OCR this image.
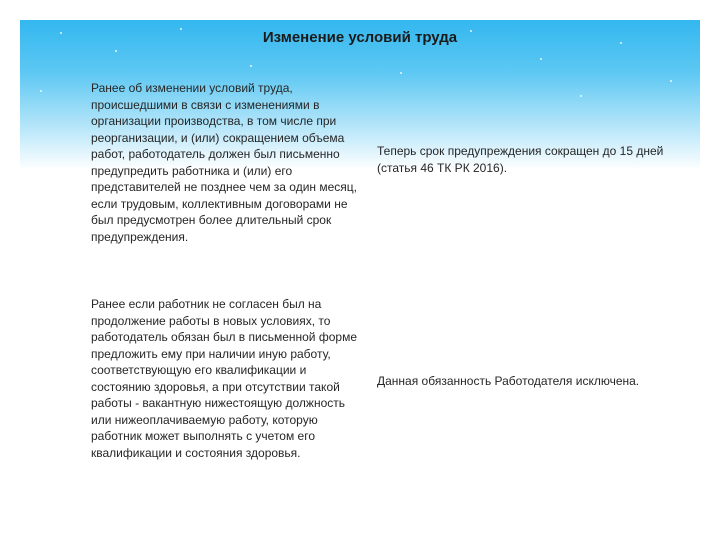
Изменение условий труда

Ранее об изменении условий труда, происшедшими в связи с изменениями в организации производства, в том числе при реорганизации, и (или) сокращением объема работ, работодатель должен был письменно предупредить работника и (или) его представителей не позднее чем за один месяц, если трудовым, коллективным договорами не был предусмотрен более длительный срок предупреждения.

Теперь срок предупреждения сокращен до 15 дней (статья 46 ТК РК 2016).

Ранее если работник не согласен был на продолжение работы в новых условиях, то работодатель обязан был в письменной форме предложить ему при наличии иную работу, соответствующую его квалификации и состоянию здоровья, а при отсутствии такой работы - вакантную нижестоящую должность или нижеоплачиваемую работу, которую работник может выполнять с учетом его квалификации и состояния здоровья.

Данная обязанность Работодателя исключена.
